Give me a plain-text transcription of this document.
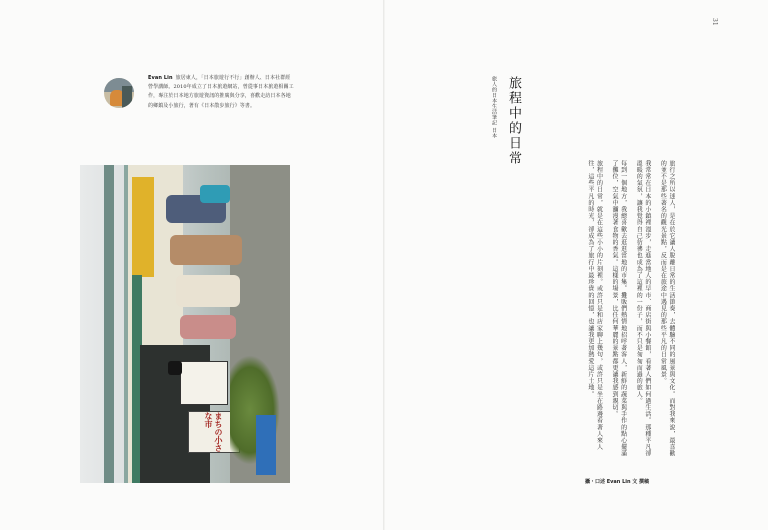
31
Evan Lin 旅居東人，「日本旅遊行不行」創辦人、日本社群經營學講師。2010年成立了日本旅遊網站，曾從事日本旅遊相關工作，專注於日本地方旅遊資訊的推廣與分享，喜歡走訪日本各地的鄉鎮及小旅行，著有《日本散步旅行》等書。
まちの小さな市
旅人的日本生活筆記 日本 旅程中的日常

旅行之所以迷人，是在於它讓人脫離日常的生活節奏，去體驗不同的風景與文化。而對我來說，最喜歡的並不是那些著名的觀光景點，反而是在旅途中遇見的那些平凡的日常風景。

我常常在日本的小鎮裡漫步，走進當地人的早市、商店街與小餐館，看著人們如何過生活。那種平凡卻溫暖的氣氛，讓我覺得自己彷彿也成為了這裡的一份子，而不只是匆匆而過的旅人。

每到一個地方，我總喜歡去逛逛當地的市集。攤販們熱情地招呼著客人，新鮮的蔬菜與手作的點心擺滿了攤位，空氣中瀰漫著食物的香氣。這樣的場景，比任何華麗的景點都更讓我感到親切。

旅程中的日常，就是在這些小小的片刻裡。或許只是和店家聊上幾句，或許只是坐在路邊看著人來人往，這些平凡的時光，卻成為了旅行中最珍貴的回憶，也讓我更加熱愛這片土地。

攝・口述 Evan Lin 文 撰稿
